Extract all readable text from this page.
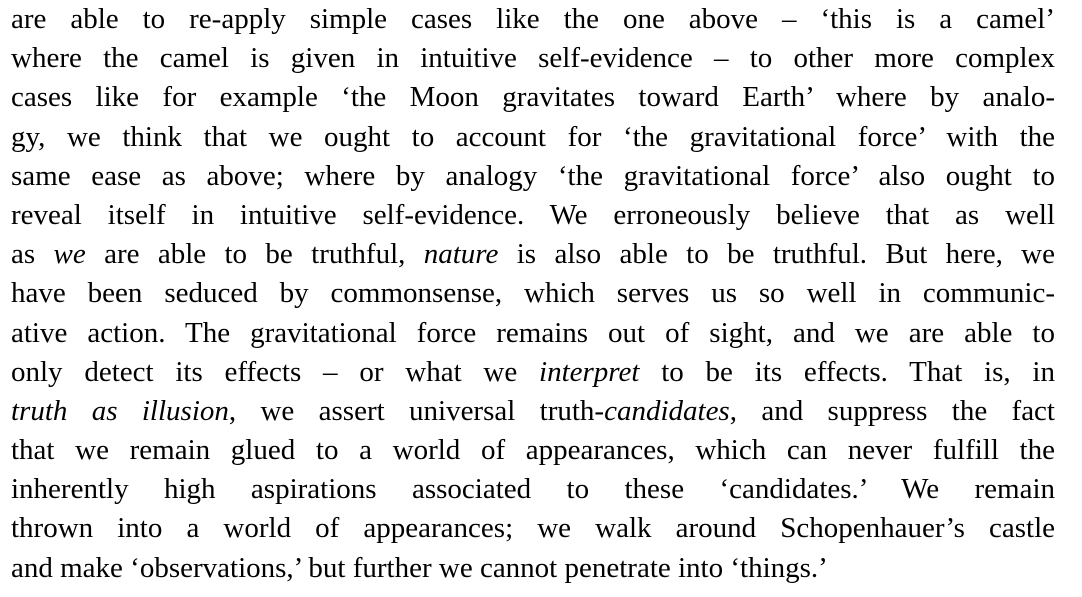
are able to re-apply simple cases like the one above – ‘this is a camel’
where the camel is given in intuitive self-evidence – to other more complex
cases like for example ‘the Moon gravitates toward Earth’ where by analo-
gy, we think that we ought to account for ‘the gravitational force’ with the
same ease as above; where by analogy ‘the gravitational force’ also ought to
reveal itself in intuitive self-evidence. We erroneously believe that as well
as we are able to be truthful, nature is also able to be truthful. But here, we
have been seduced by commonsense, which serves us so well in communic-
ative action. The gravitational force remains out of sight, and we are able to
only detect its effects – or what we interpret to be its effects. That is, in
truth as illusion, we assert universal truth-candidates, and suppress the fact
that we remain glued to a world of appearances, which can never fulfill the
inherently high aspirations associated to these ‘candidates.’ We remain
thrown into a world of appearances; we walk around Schopenhauer’s castle
and make ‘observations,’ but further we cannot penetrate into ‘things.’
